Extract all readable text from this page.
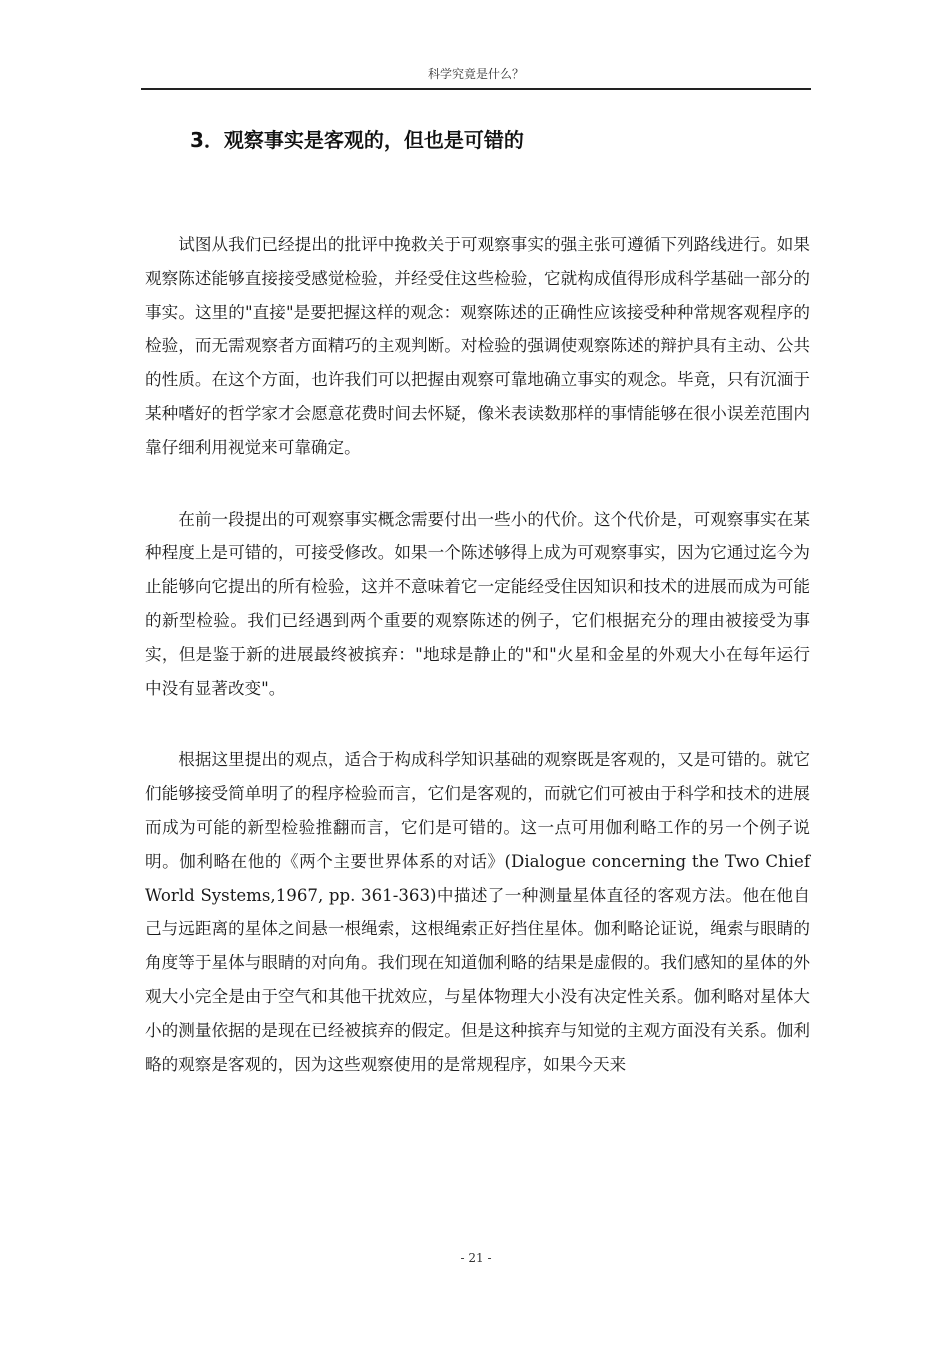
科学究竟是什么？
3．观察事实是客观的，但也是可错的

试图从我们已经提出的批评中挽救关于可观察事实的强主张可遵循下列路线进行。如果观察陈述能够直接接受感觉检验，并经受住这些检验，它就构成值得形成科学基础一部分的事实。这里的"直接"是要把握这样的观念：观察陈述的正确性应该接受种种常规客观程序的检验，而无需观察者方面精巧的主观判断。对检验的强调使观察陈述的辩护具有主动、公共的性质。在这个方面，也许我们可以把握由观察可靠地确立事实的观念。毕竟，只有沉湎于某种嗜好的哲学家才会愿意花费时间去怀疑，像米表读数那样的事情能够在很小误差范围内靠仔细利用视觉来可靠确定。

在前一段提出的可观察事实概念需要付出一些小的代价。这个代价是，可观察事实在某种程度上是可错的，可接受修改。如果一个陈述够得上成为可观察事实，因为它通过迄今为止能够向它提出的所有检验，这并不意味着它一定能经受住因知识和技术的进展而成为可能的新型检验。我们已经遇到两个重要的观察陈述的例子，它们根据充分的理由被接受为事实，但是鉴于新的进展最终被摈弃："地球是静止的"和"火星和金星的外观大小在每年运行中没有显著改变"。

根据这里提出的观点，适合于构成科学知识基础的观察既是客观的，又是可错的。就它们能够接受简单明了的程序检验而言，它们是客观的，而就它们可被由于科学和技术的进展而成为可能的新型检验推翻而言，它们是可错的。这一点可用伽利略工作的另一个例子说明。伽利略在他的《两个主要世界体系的对话》(Dialogue concerning the Two Chief World Systems,1967, pp. 361-363)中描述了一种测量星体直径的客观方法。他在他自己与远距离的星体之间悬一根绳索，这根绳索正好挡住星体。伽利略论证说，绳索与眼睛的角度等于星体与眼睛的对向角。我们现在知道伽利略的结果是虚假的。我们感知的星体的外观大小完全是由于空气和其他干扰效应，与星体物理大小没有决定性关系。伽利略对星体大小的测量依据的是现在已经被摈弃的假定。但是这种摈弃与知觉的主观方面没有关系。伽利略的观察是客观的，因为这些观察使用的是常规程序，如果今天来

- 21 -
